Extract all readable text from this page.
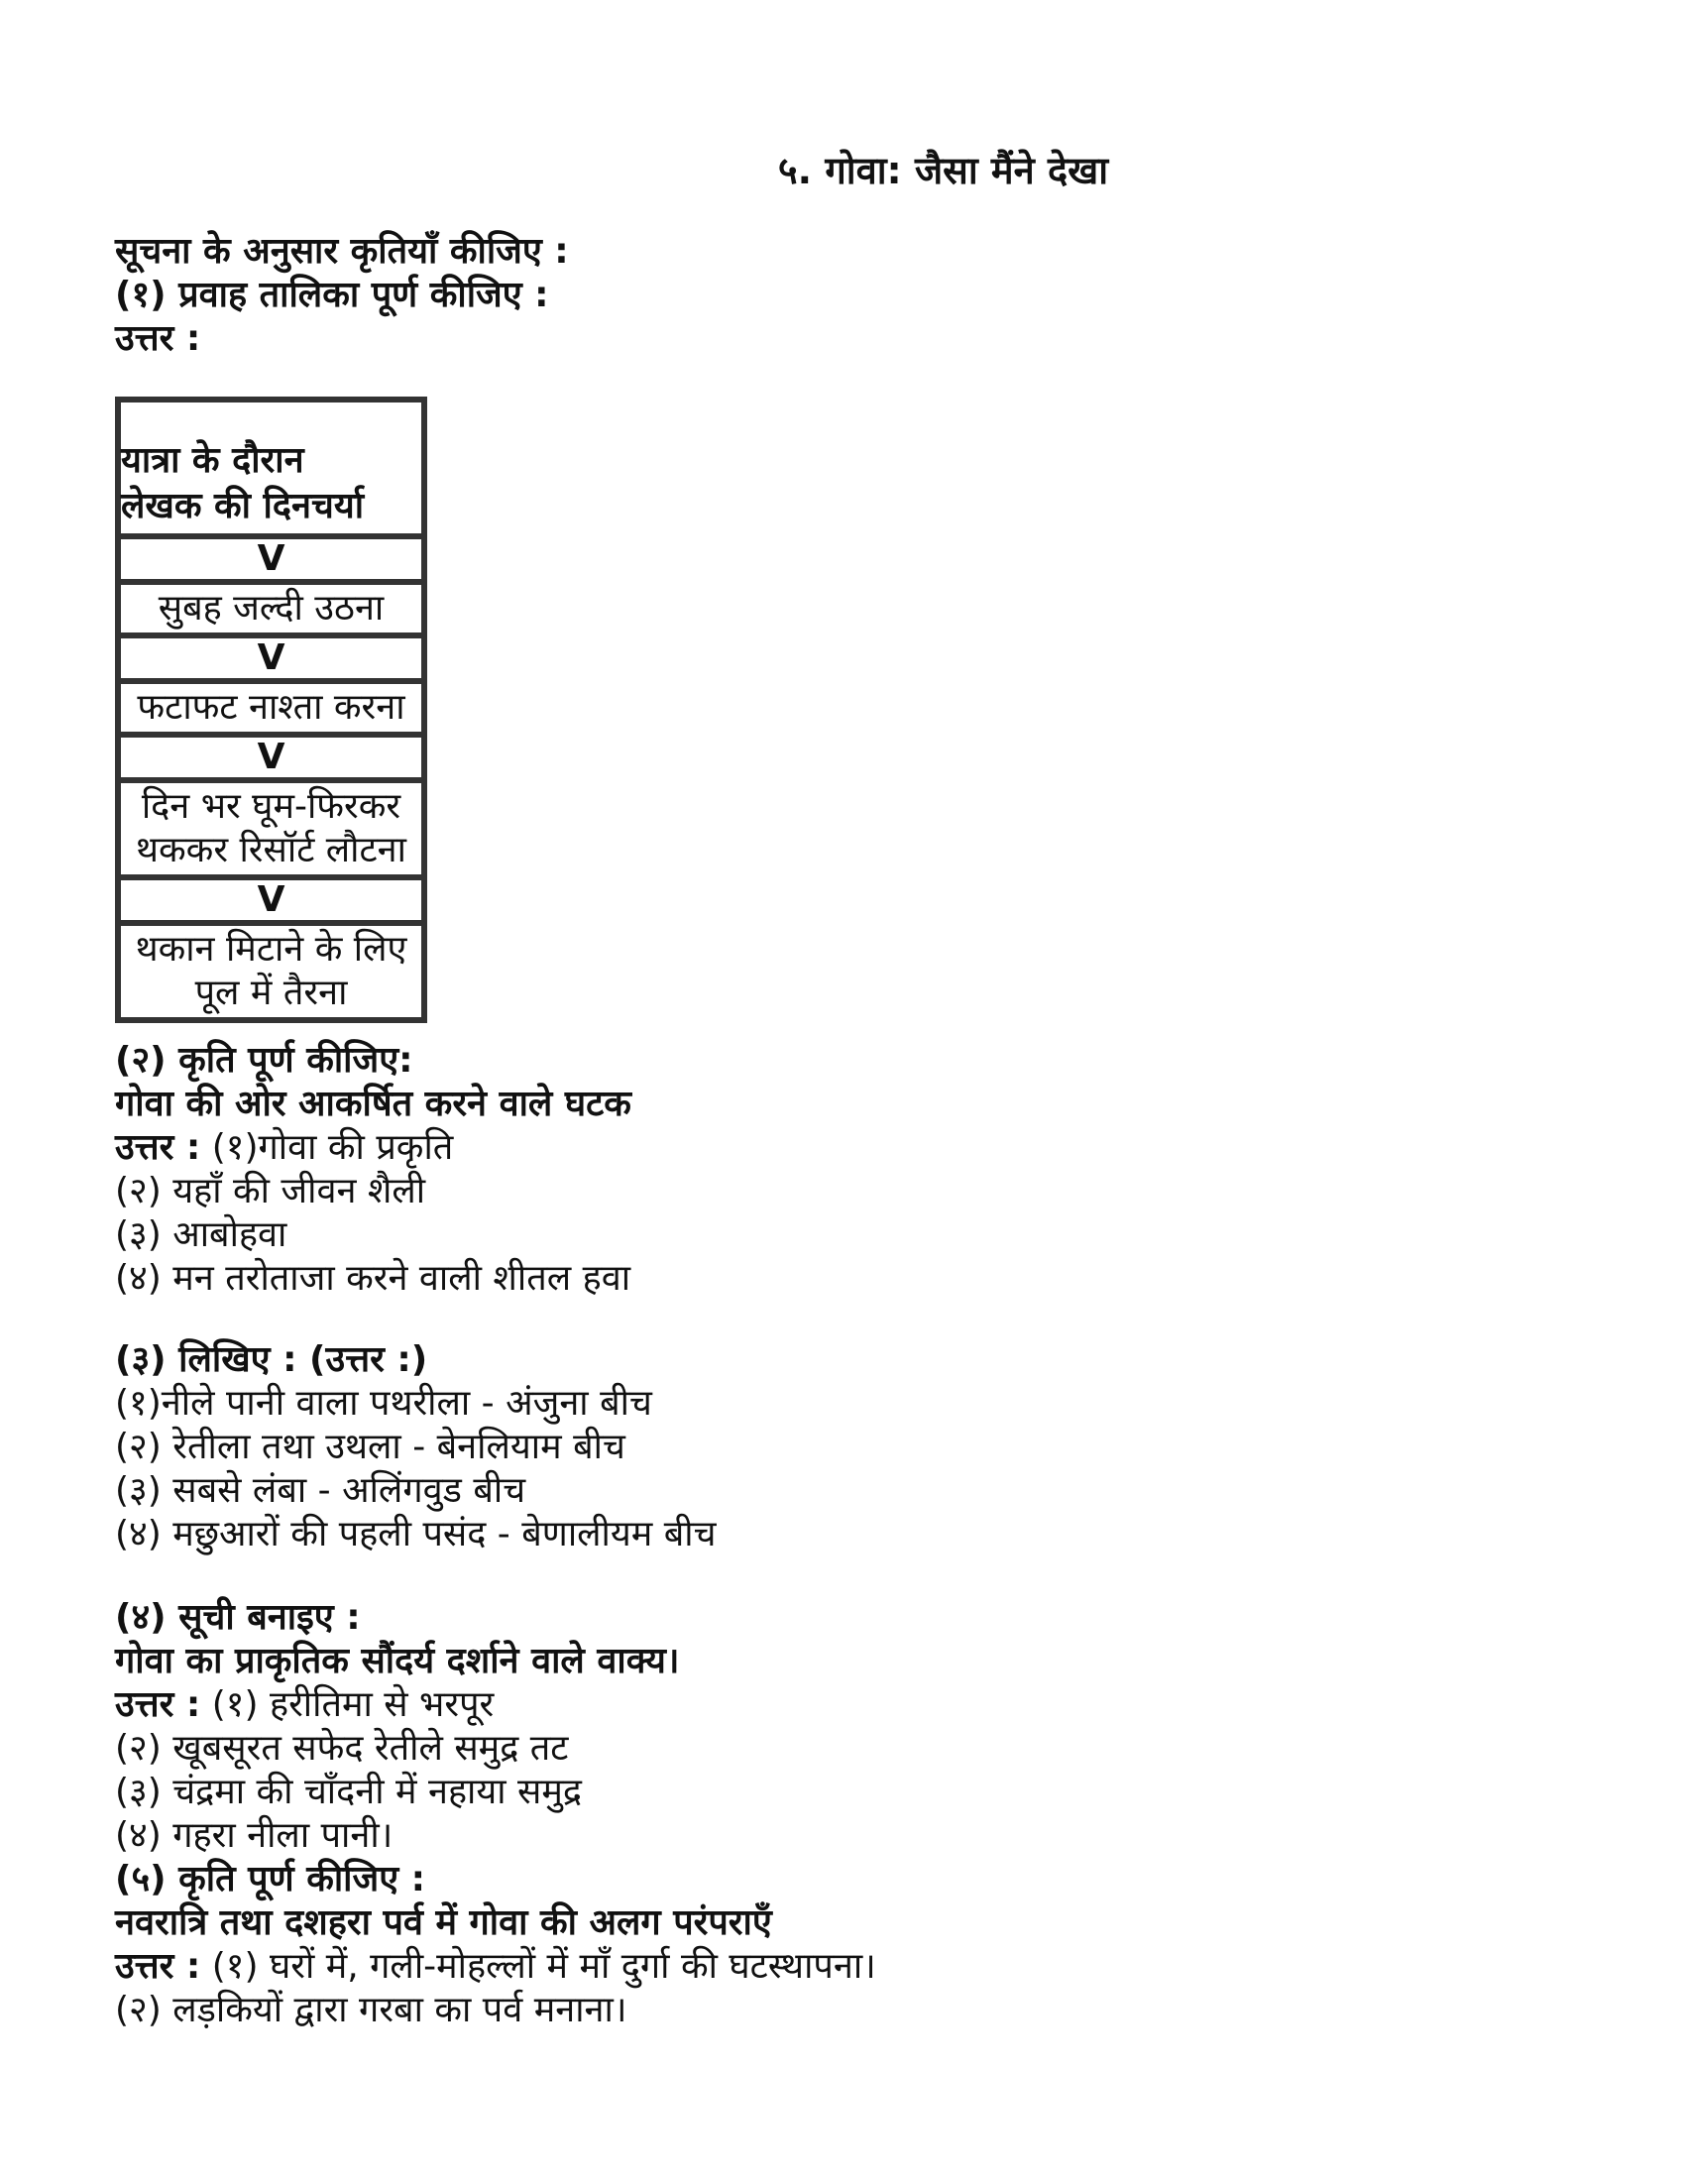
५. गोवा: जैसा मैंने देखा
सूचना के अनुसार कृतियाँ कीजिए :
(१) प्रवाह तालिका पूर्ण कीजिए :
उत्तर :
यात्रा के दौरान
लेखक की दिनचर्या
V
सुबह जल्दी उठना
V
फटाफट नाश्ता करना
V
दिन भर घूम-फिरकर
थककर रिसॉर्ट लौटना
V
थकान मिटाने के लिए
पूल में तैरना
(२) कृति पूर्ण कीजिए:
गोवा की ओर आकर्षित करने वाले घटक
उत्तर : (१)गोवा की प्रकृति
(२) यहाँ की जीवन शैली
(३) आबोहवा
(४) मन तरोताजा करने वाली शीतल हवा
(३) लिखिए : (उत्तर :)
(१)नीले पानी वाला पथरीला - अंजुना बीच
(२) रेतीला तथा उथला - बेनलियाम बीच
(३) सबसे लंबा - अलिंगवुड बीच
(४) मछुआरों की पहली पसंद - बेणालीयम बीच
(४) सूची बनाइए :
गोवा का प्राकृतिक सौंदर्य दर्शाने वाले वाक्य।
उत्तर : (१) हरीतिमा से भरपूर
(२) खूबसूरत सफेद रेतीले समुद्र तट
(३) चंद्रमा की चाँदनी में नहाया समुद्र
(४) गहरा नीला पानी।
(५) कृति पूर्ण कीजिए :
नवरात्रि तथा दशहरा पर्व में गोवा की अलग परंपराएँ
उत्तर : (१) घरों में, गली-मोहल्लों में माँ दुर्गा की घटस्थापना।
(२) लड़कियों द्वारा गरबा का पर्व मनाना।
